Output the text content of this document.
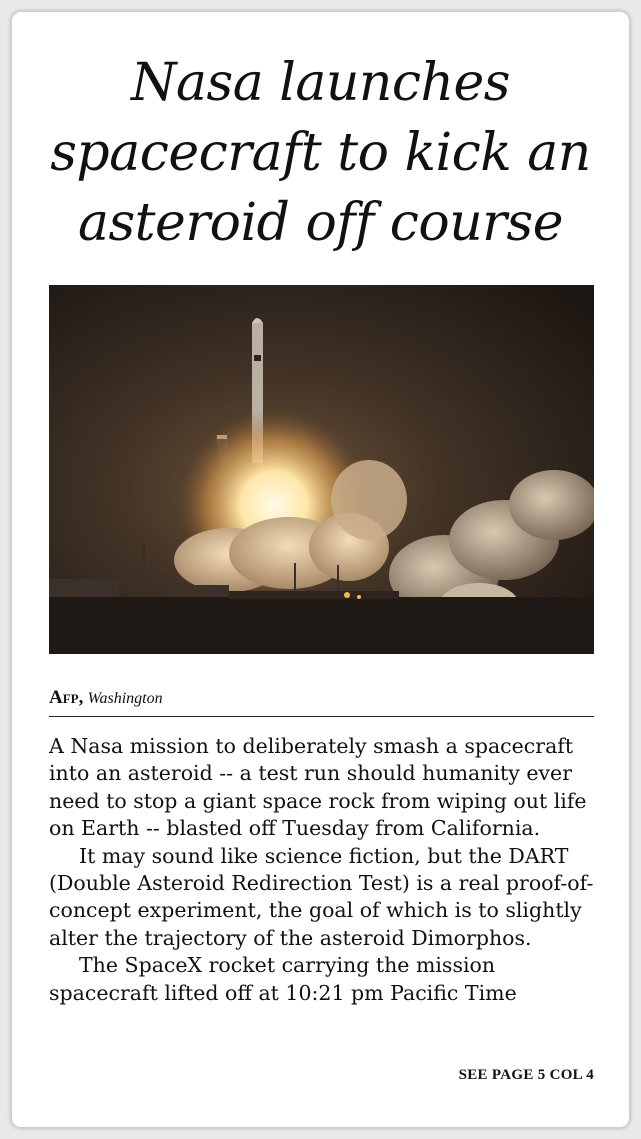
Nasa launches spacecraft to kick an asteroid off course
Afp, Washington

A Nasa mission to deliberately smash a spacecraft into an asteroid -- a test run should humanity ever need to stop a giant space rock from wiping out life on Earth -- blasted off Tuesday from California.

It may sound like science fiction, but the DART (Double Asteroid Redirection Test) is a real proof-of-concept experiment, the goal of which is to slightly alter the trajectory of the asteroid Dimorphos.

The SpaceX rocket carrying the mission spacecraft lifted off at 10:21 pm Pacific Time

SEE PAGE 5 COL 4
